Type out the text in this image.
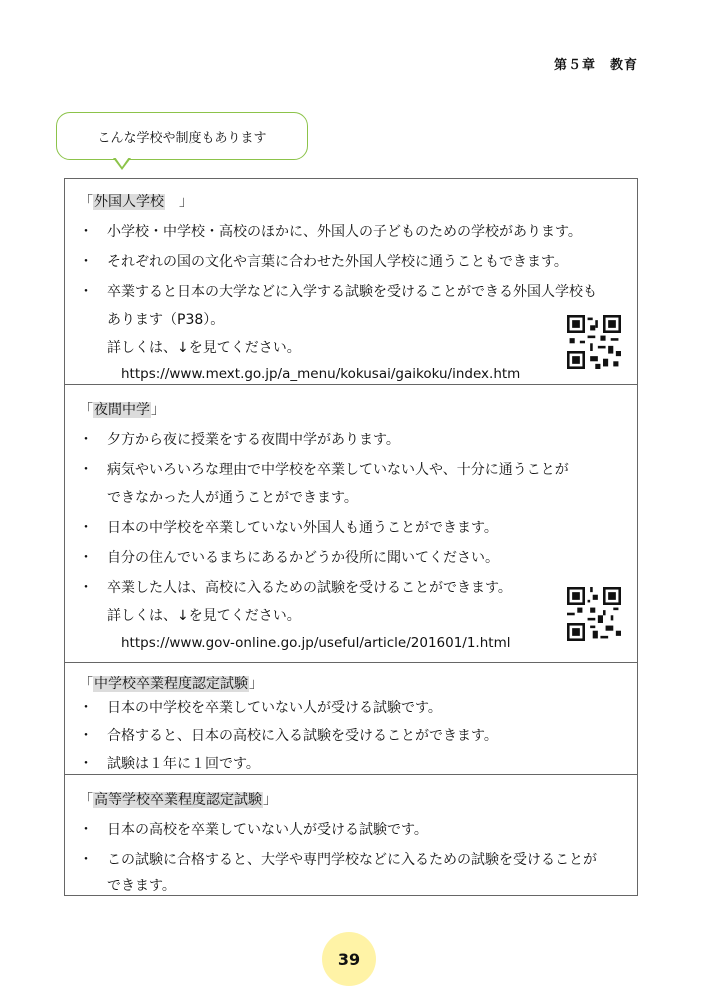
第５章　教育
こんな学校や制度もあります
「外国人学校　」
・ 小学校・中学校・高校のほかに、外国人の子どものための学校があります。
・ それぞれの国の文化や言葉に合わせた外国人学校に通うこともできます。
・ 卒業すると日本の大学などに入学する試験を受けることができる外国人学校も
あります（P38）。
詳しくは、↓を見てください。
https://www.mext.go.jp/a_menu/kokusai/gaikoku/index.htm
「夜間中学」
・ 夕方から夜に授業をする夜間中学があります。
・ 病気やいろいろな理由で中学校を卒業していない人や、十分に通うことが
できなかった人が通うことができます。
・ 日本の中学校を卒業していない外国人も通うことができます。
・ 自分の住んでいるまちにあるかどうか役所に聞いてください。
・ 卒業した人は、高校に入るための試験を受けることができます。
詳しくは、↓を見てください。
https://www.gov-online.go.jp/useful/article/201601/1.html
「中学校卒業程度認定試験」
・ 日本の中学校を卒業していない人が受ける試験です。
・ 合格すると、日本の高校に入る試験を受けることができます。
・ 試験は１年に１回です。
「高等学校卒業程度認定試験」
・ 日本の高校を卒業していない人が受ける試験です。
・ この試験に合格すると、大学や専門学校などに入るための試験を受けることが
できます。
39
